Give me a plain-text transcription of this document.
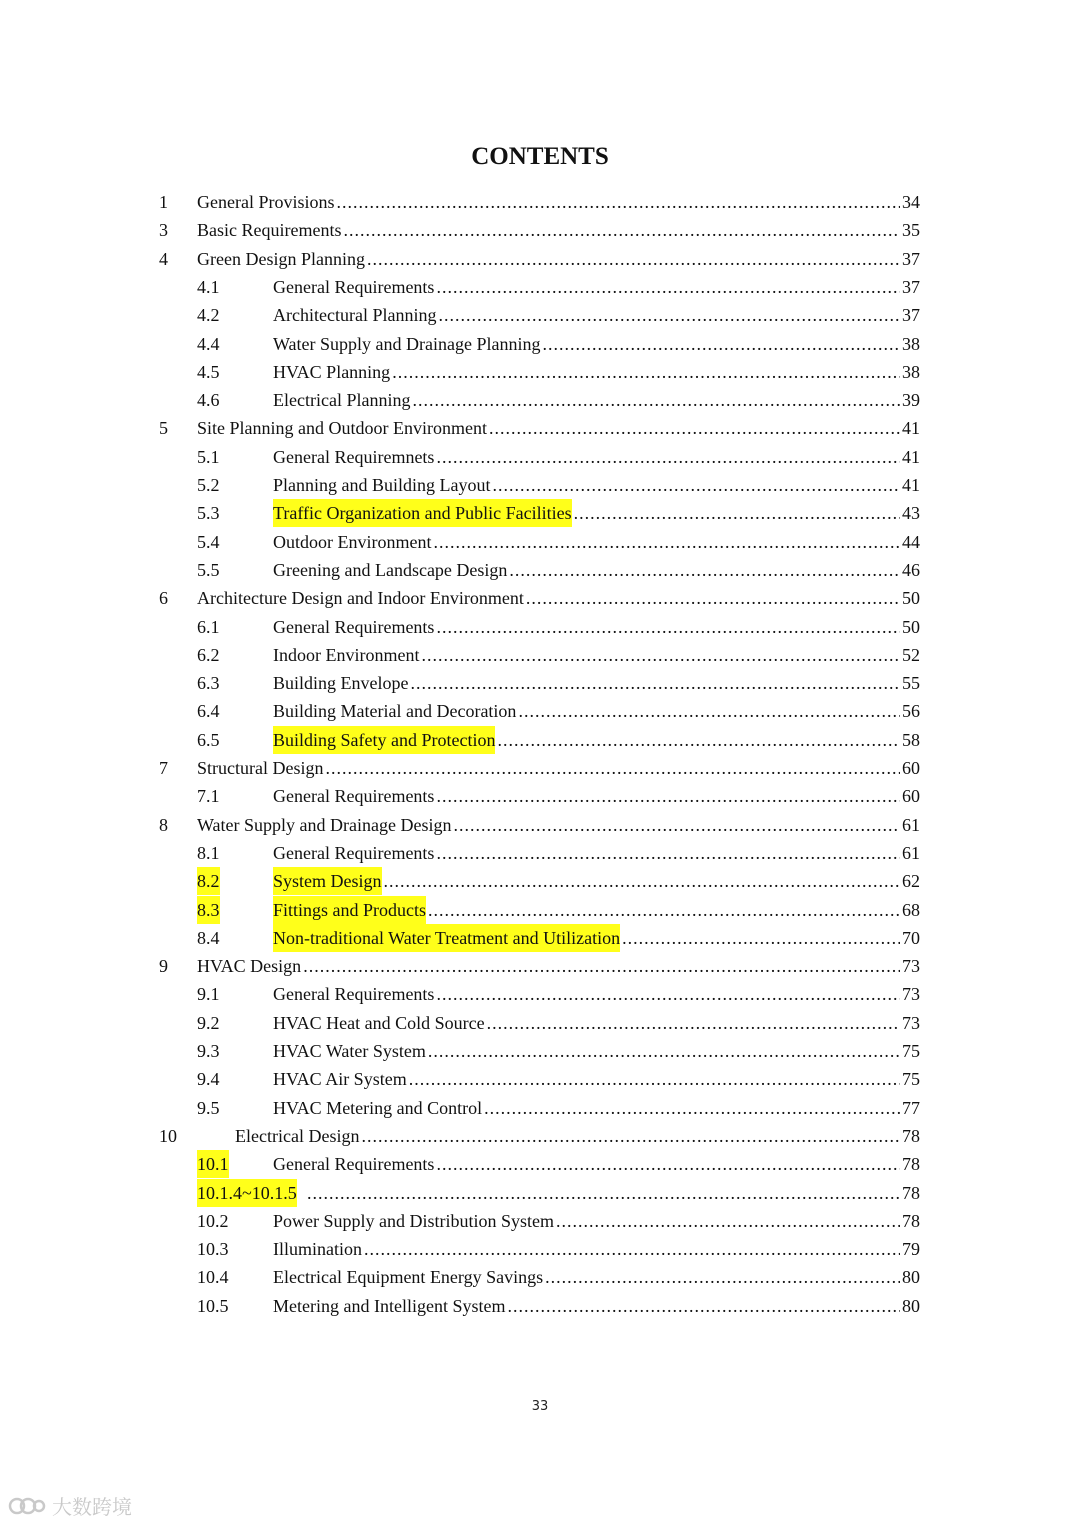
CONTENTS
1 General Provisions .....	34
3 Basic Requirements .....	35
4 Green Design Planning .....	37
4.1	General Requirements .....	37
4.2	Architectural Planning .....	37
4.4	Water Supply and Drainage Planning .....	38
4.5	HVAC Planning .....	38
4.6	Electrical Planning .....	39
5 Site Planning and Outdoor Environment .....	41
5.1	General Requiremnets .....	41
5.2	Planning and Building Layout .....	41
5.3	Traffic Organization and Public Facilities .....	43
5.4	Outdoor Environment .....	44
5.5	Greening and Landscape Design .....	46
6 Architecture Design and Indoor Environment .....	50
6.1	General Requirements .....	50
6.2	Indoor Environment .....	52
6.3	Building Envelope .....	55
6.4	Building Material and Decoration .....	56
6.5	Building Safety and Protection .....	58
7 Structural Design .....	60
7.1	General Requirements .....	60
8 Water Supply and Drainage Design .....	61
8.1	General Requirements .....	61
8.2	System Design .....	62
8.3	Fittings and Products .....	68
8.4	Non-traditional Water Treatment and Utilization .....	70
9 HVAC Design .....	73
9.1	General Requirements .....	73
9.2	HVAC Heat and Cold Source .....	73
9.3	HVAC Water System .....	75
9.4	HVAC Air System .....	75
9.5	HVAC Metering and Control .....	77
10	Electrical Design .....	78
10.1 General Requirements .....	78
10.1.4~10.1.5 .....	78
10.2 Power Supply and Distribution System .....	78
10.3 Illumination .....	79
10.4 Electrical Equipment Energy Savings .....	80
10.5 Metering and Intelligent System .....	80
33
大数跨境
